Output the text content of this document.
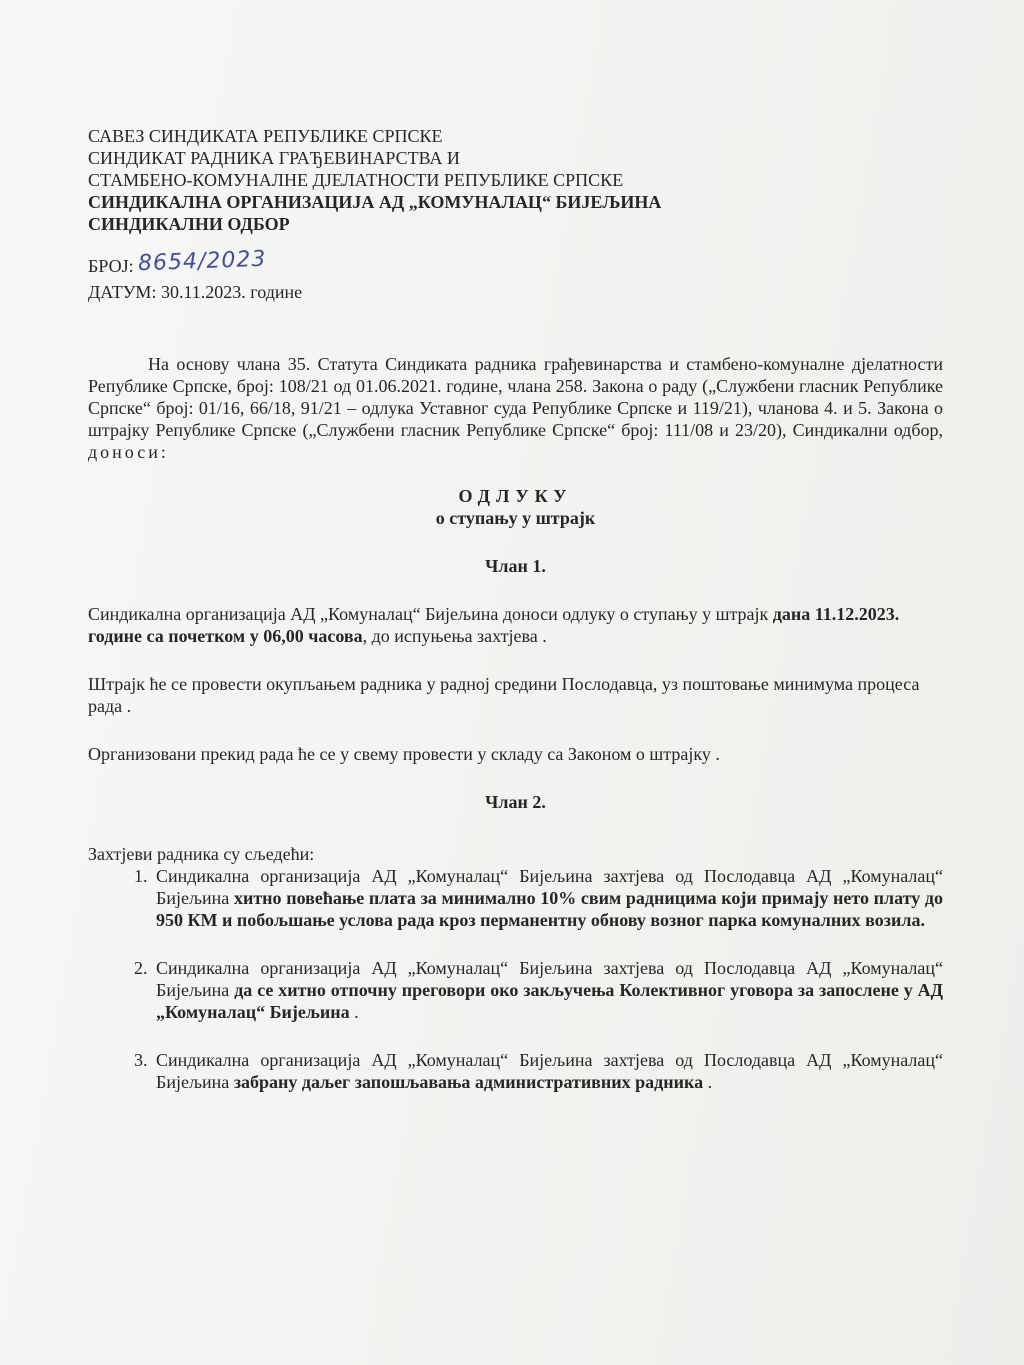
САВЕЗ СИНДИКАТА РЕПУБЛИКЕ СРПСКЕ
СИНДИКАТ РАДНИКА ГРАЂЕВИНАРСТВА И
СТАМБЕНО-КОМУНАЛНЕ ДЈЕЛАТНОСТИ РЕПУБЛИКЕ СРПСКЕ
СИНДИКАЛНА ОРГАНИЗАЦИЈА АД „КОМУНАЛАЦ“ БИЈЕЉИНА
СИНДИКАЛНИ ОДБОР
БРОЈ: 8654/2023
ДАТУМ: 30.11.2023. године
На основу члана 35. Статута Синдиката радника грађевинарства и стамбено-комуналне дјелатности Републике Српске, број: 108/21 од 01.06.2021. године, члана 258. Закона о раду („Службени гласник Републике Српске“ број: 01/16, 66/18, 91/21 – одлука Уставног суда Републике Српске и 119/21), чланова 4. и 5. Закона о штрајку Републике Српске („Службени гласник Републике Српске“ број: 111/08 и 23/20), Синдикални одбор, доноси:
ОДЛУКУ
о ступању у штрајк
Члан 1.
Синдикална организација АД „Комуналац“ Бијељина доноси одлуку о ступању у штрајк дана 11.12.2023. године са почетком у 06,00 часова, до испуњења захтјева .
Штрајк ће се провести окупљањем радника у радној средини Послодавца, уз поштовање минимума процеса рада .
Организовани прекид рада ће се у свему провести у складу са Законом о штрајку .
Члан 2.
Захтјеви радника су сљедећи:
1. Синдикална организација АД „Комуналац“ Бијељина захтјева од Послодавца АД „Комуналац“ Бијељина хитно повећање плата за минимално 10% свим радницима који примају нето плату до 950 КМ и побољшање услова рада кроз перманентну обнову возног парка комуналних возила.
2. Синдикална организација АД „Комуналац“ Бијељина захтјева од Послодавца АД „Комуналац“ Бијељина да се хитно отпочну преговори око закључења Колективног уговора за запослене у АД „Комуналац“ Бијељина .
3. Синдикална организација АД „Комуналац“ Бијељина захтјева од Послодавца АД „Комуналац“ Бијељина забрану даљег запошљавања административних радника .
